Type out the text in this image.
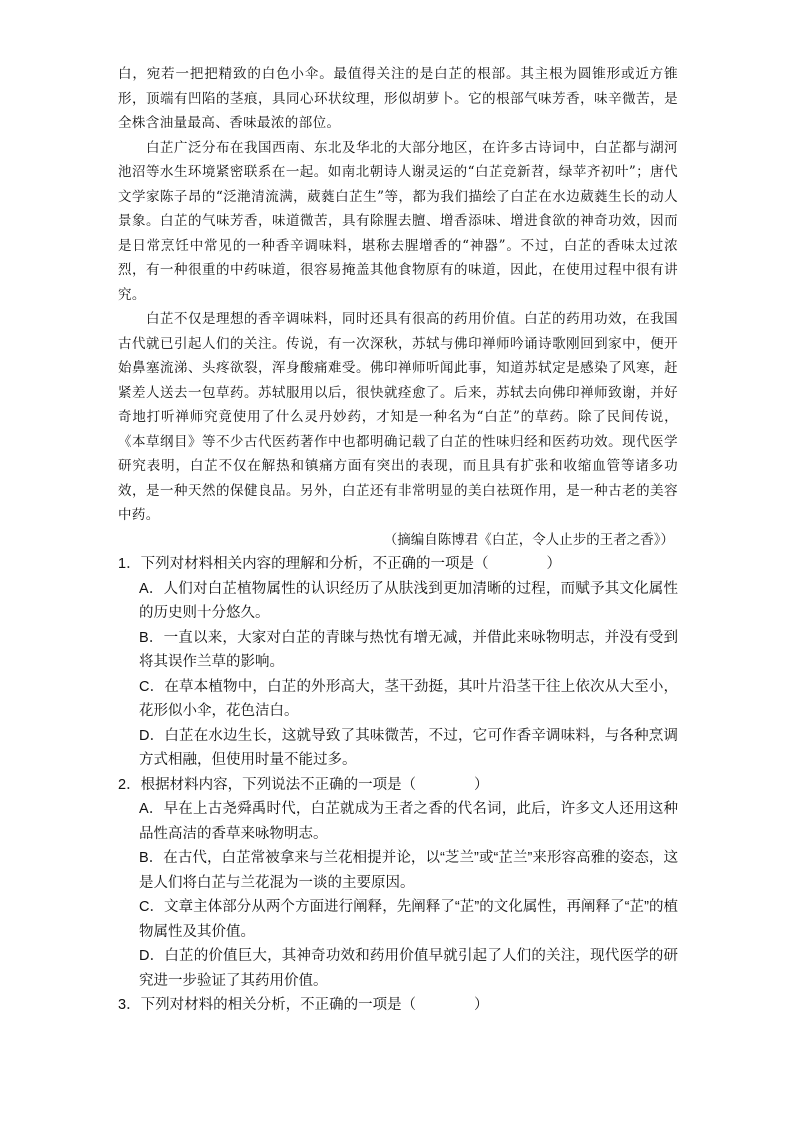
白，宛若一把把精致的白色小伞。最值得关注的是白芷的根部。其主根为圆锥形或近方锥形，顶端有凹陷的茎痕，具同心环状纹理，形似胡萝卜。它的根部气味芳香，味辛微苦，是全株含油量最高、香味最浓的部位。

白芷广泛分布在我国西南、东北及华北的大部分地区，在许多古诗词中，白芷都与湖河池沼等水生环境紧密联系在一起。如南北朝诗人谢灵运的“白芷竞新苕，绿苹齐初叶”；唐代文学家陈子昂的“泛滟清流满，葳蕤白芷生”等，都为我们描绘了白芷在水边葳蕤生长的动人景象。白芷的气味芳香，味道微苦，具有除腥去膻、增香添味、增进食欲的神奇功效，因而是日常烹饪中常见的一种香辛调味料，堪称去腥增香的“神器”。不过，白芷的香味太过浓烈，有一种很重的中药味道，很容易掩盖其他食物原有的味道，因此，在使用过程中很有讲究。

白芷不仅是理想的香辛调味料，同时还具有很高的药用价值。白芷的药用功效，在我国古代就已引起人们的关注。传说，有一次深秋，苏轼与佛印禅师吟诵诗歌刚回到家中，便开始鼻塞流涕、头疼欲裂，浑身酸痛难受。佛印禅师听闻此事，知道苏轼定是感染了风寒，赶紧差人送去一包草药。苏轼服用以后，很快就痊愈了。后来，苏轼去向佛印禅师致谢，并好奇地打听禅师究竟使用了什么灵丹妙药，才知是一种名为“白芷”的草药。除了民间传说，《本草纲目》等不少古代医药著作中也都明确记载了白芷的性味归经和医药功效。现代医学研究表明，白芷不仅在解热和镇痛方面有突出的表现，而且具有扩张和收缩血管等诸多功效，是一种天然的保健良品。另外，白芷还有非常明显的美白祛斑作用，是一种古老的美容中药。

（摘编自陈博君《白芷，令人止步的王者之香》）

1．下列对材料相关内容的理解和分析，不正确的一项是（　　　　）

A．人们对白芷植物属性的认识经历了从肤浅到更加清晰的过程，而赋予其文化属性的历史则十分悠久。

B．一直以来，大家对白芷的青睐与热忱有增无减，并借此来咏物明志，并没有受到将其误作兰草的影响。

C．在草本植物中，白芷的外形高大，茎干劲挺，其叶片沿茎干往上依次从大至小，花形似小伞，花色洁白。

D．白芷在水边生长，这就导致了其味微苦，不过，它可作香辛调味料，与各种烹调方式相融，但使用时量不能过多。

2．根据材料内容，下列说法不正确的一项是（　　　　）

A．早在上古尧舜禹时代，白芷就成为王者之香的代名词，此后，许多文人还用这种品性高洁的香草来咏物明志。

B．在古代，白芷常被拿来与兰花相提并论，以“芝兰”或“芷兰”来形容高雅的姿态，这是人们将白芷与兰花混为一谈的主要原因。

C．文章主体部分从两个方面进行阐释，先阐释了“芷”的文化属性，再阐释了“芷”的植物属性及其价值。

D．白芷的价值巨大，其神奇功效和药用价值早就引起了人们的关注，现代医学的研究进一步验证了其药用价值。

3．下列对材料的相关分析，不正确的一项是（　　　　）
